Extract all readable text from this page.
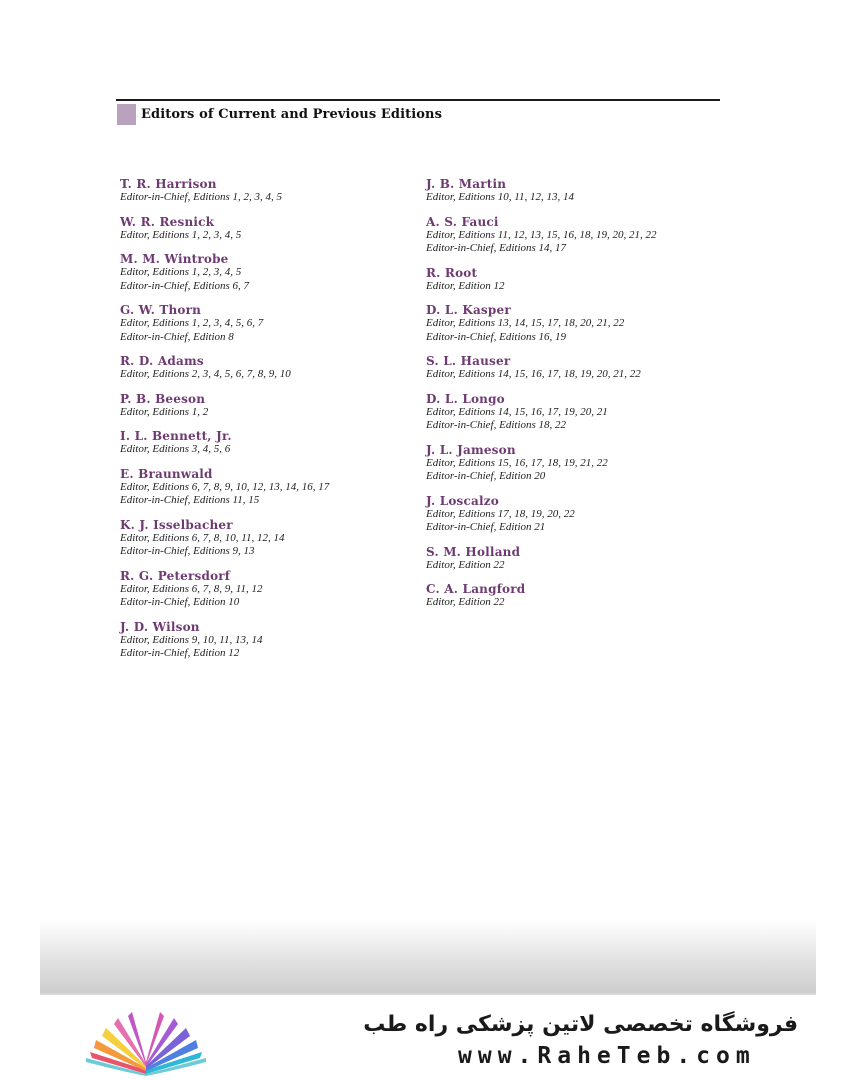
Editors of Current and Previous Editions
T. R. Harrison
Editor-in-Chief, Editions 1, 2, 3, 4, 5
W. R. Resnick
Editor, Editions 1, 2, 3, 4, 5
M. M. Wintrobe
Editor, Editions 1, 2, 3, 4, 5
Editor-in-Chief, Editions 6, 7
G. W. Thorn
Editor, Editions 1, 2, 3, 4, 5, 6, 7
Editor-in-Chief, Edition 8
R. D. Adams
Editor, Editions 2, 3, 4, 5, 6, 7, 8, 9, 10
P. B. Beeson
Editor, Editions 1, 2
I. L. Bennett, Jr.
Editor, Editions 3, 4, 5, 6
E. Braunwald
Editor, Editions 6, 7, 8, 9, 10, 12, 13, 14, 16, 17
Editor-in-Chief, Editions 11, 15
K. J. Isselbacher
Editor, Editions 6, 7, 8, 10, 11, 12, 14
Editor-in-Chief, Editions 9, 13
R. G. Petersdorf
Editor, Editions 6, 7, 8, 9, 11, 12
Editor-in-Chief, Edition 10
J. D. Wilson
Editor, Editions 9, 10, 11, 13, 14
Editor-in-Chief, Edition 12
J. B. Martin
Editor, Editions 10, 11, 12, 13, 14
A. S. Fauci
Editor, Editions 11, 12, 13, 15, 16, 18, 19, 20, 21, 22
Editor-in-Chief, Editions 14, 17
R. Root
Editor, Edition 12
D. L. Kasper
Editor, Editions 13, 14, 15, 17, 18, 20, 21, 22
Editor-in-Chief, Editions 16, 19
S. L. Hauser
Editor, Editions 14, 15, 16, 17, 18, 19, 20, 21, 22
D. L. Longo
Editor, Editions 14, 15, 16, 17, 19, 20, 21
Editor-in-Chief, Editions 18, 22
J. L. Jameson
Editor, Editions 15, 16, 17, 18, 19, 21, 22
Editor-in-Chief, Edition 20
J. Loscalzo
Editor, Editions 17, 18, 19, 20, 22
Editor-in-Chief, Edition 21
S. M. Holland
Editor, Edition 22
C. A. Langford
Editor, Edition 22
فروشگاه تخصصی لاتین پزشکی راه طب
www.RaheTeb.com
